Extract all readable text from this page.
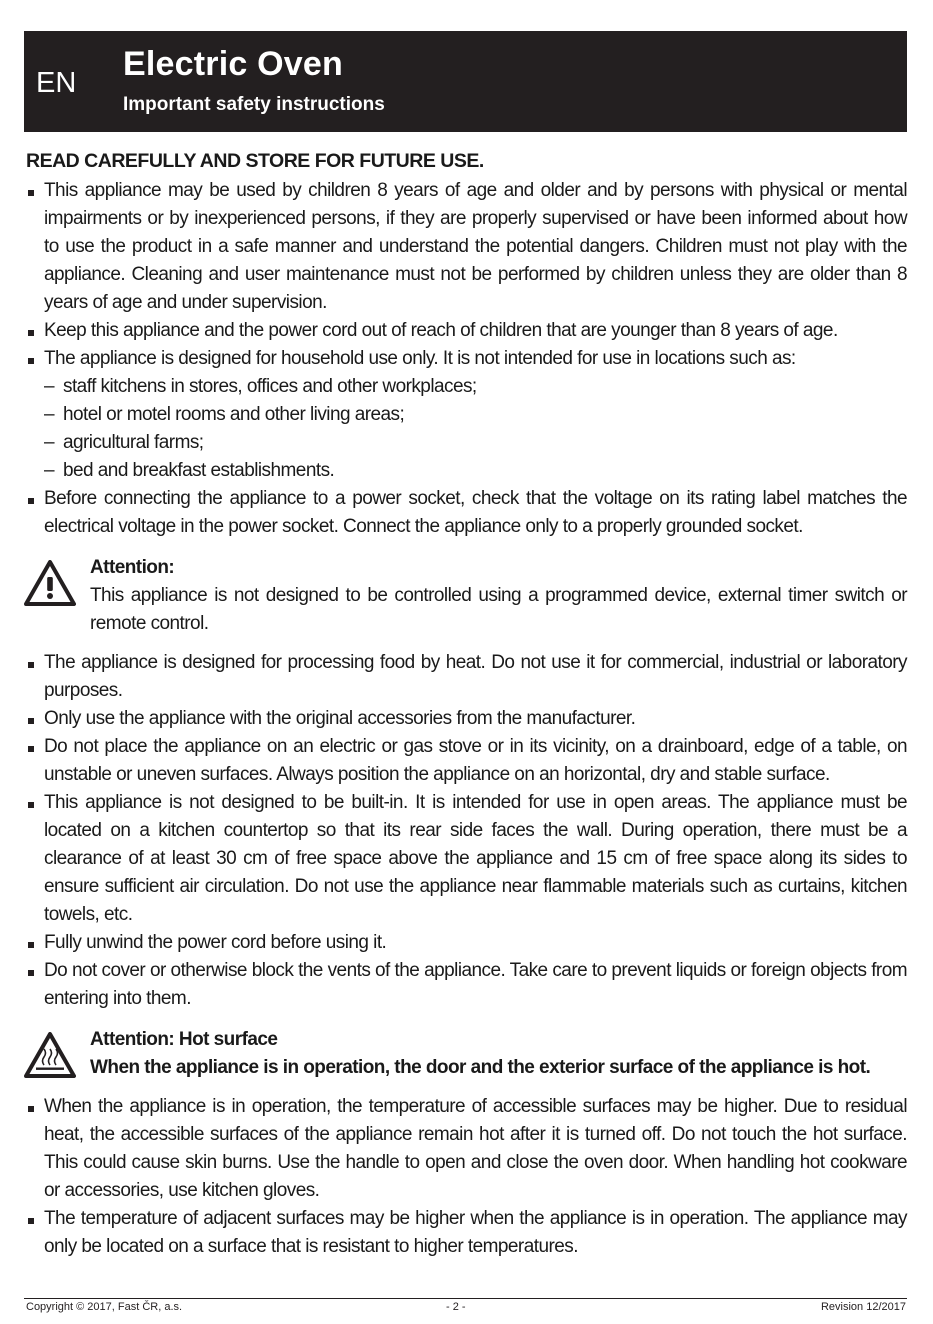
EN Electric Oven
Important safety instructions
READ CAREFULLY AND STORE FOR FUTURE USE.
This appliance may be used by children 8 years of age and older and by persons with physical or mental impairments or by inexperienced persons, if they are properly supervised or have been informed about how to use the product in a safe manner and understand the potential dangers. Children must not play with the appliance. Cleaning and user maintenance must not be performed by children unless they are older than 8 years of age and under supervision.
Keep this appliance and the power cord out of reach of children that are younger than 8 years of age.
The appliance is designed for household use only. It is not intended for use in locations such as:
– staff kitchens in stores, offices and other workplaces;
– hotel or motel rooms and other living areas;
– agricultural farms;
– bed and breakfast establishments.
Before connecting the appliance to a power socket, check that the voltage on its rating label matches the electrical voltage in the power socket. Connect the appliance only to a properly grounded socket.
Attention:
This appliance is not designed to be controlled using a programmed device, external timer switch or remote control.
The appliance is designed for processing food by heat. Do not use it for commercial, industrial or laboratory purposes.
Only use the appliance with the original accessories from the manufacturer.
Do not place the appliance on an electric or gas stove or in its vicinity, on a drainboard, edge of a table, on unstable or uneven surfaces. Always position the appliance on an horizontal, dry and stable surface.
This appliance is not designed to be built-in. It is intended for use in open areas. The appliance must be located on a kitchen countertop so that its rear side faces the wall. During operation, there must be a clearance of at least 30 cm of free space above the appliance and 15 cm of free space along its sides to ensure sufficient air circulation. Do not use the appliance near flammable materials such as curtains, kitchen towels, etc.
Fully unwind the power cord before using it.
Do not cover or otherwise block the vents of the appliance. Take care to prevent liquids or foreign objects from entering into them.
Attention: Hot surface
When the appliance is in operation, the door and the exterior surface of the appliance is hot.
When the appliance is in operation, the temperature of accessible surfaces may be higher. Due to residual heat, the accessible surfaces of the appliance remain hot after it is turned off. Do not touch the hot surface. This could cause skin burns. Use the handle to open and close the oven door. When handling hot cookware or accessories, use kitchen gloves.
The temperature of adjacent surfaces may be higher when the appliance is in operation. The appliance may only be located on a surface that is resistant to higher temperatures.
Copyright © 2017, Fast ČR, a.s.	- 2 -	Revision 12/2017
